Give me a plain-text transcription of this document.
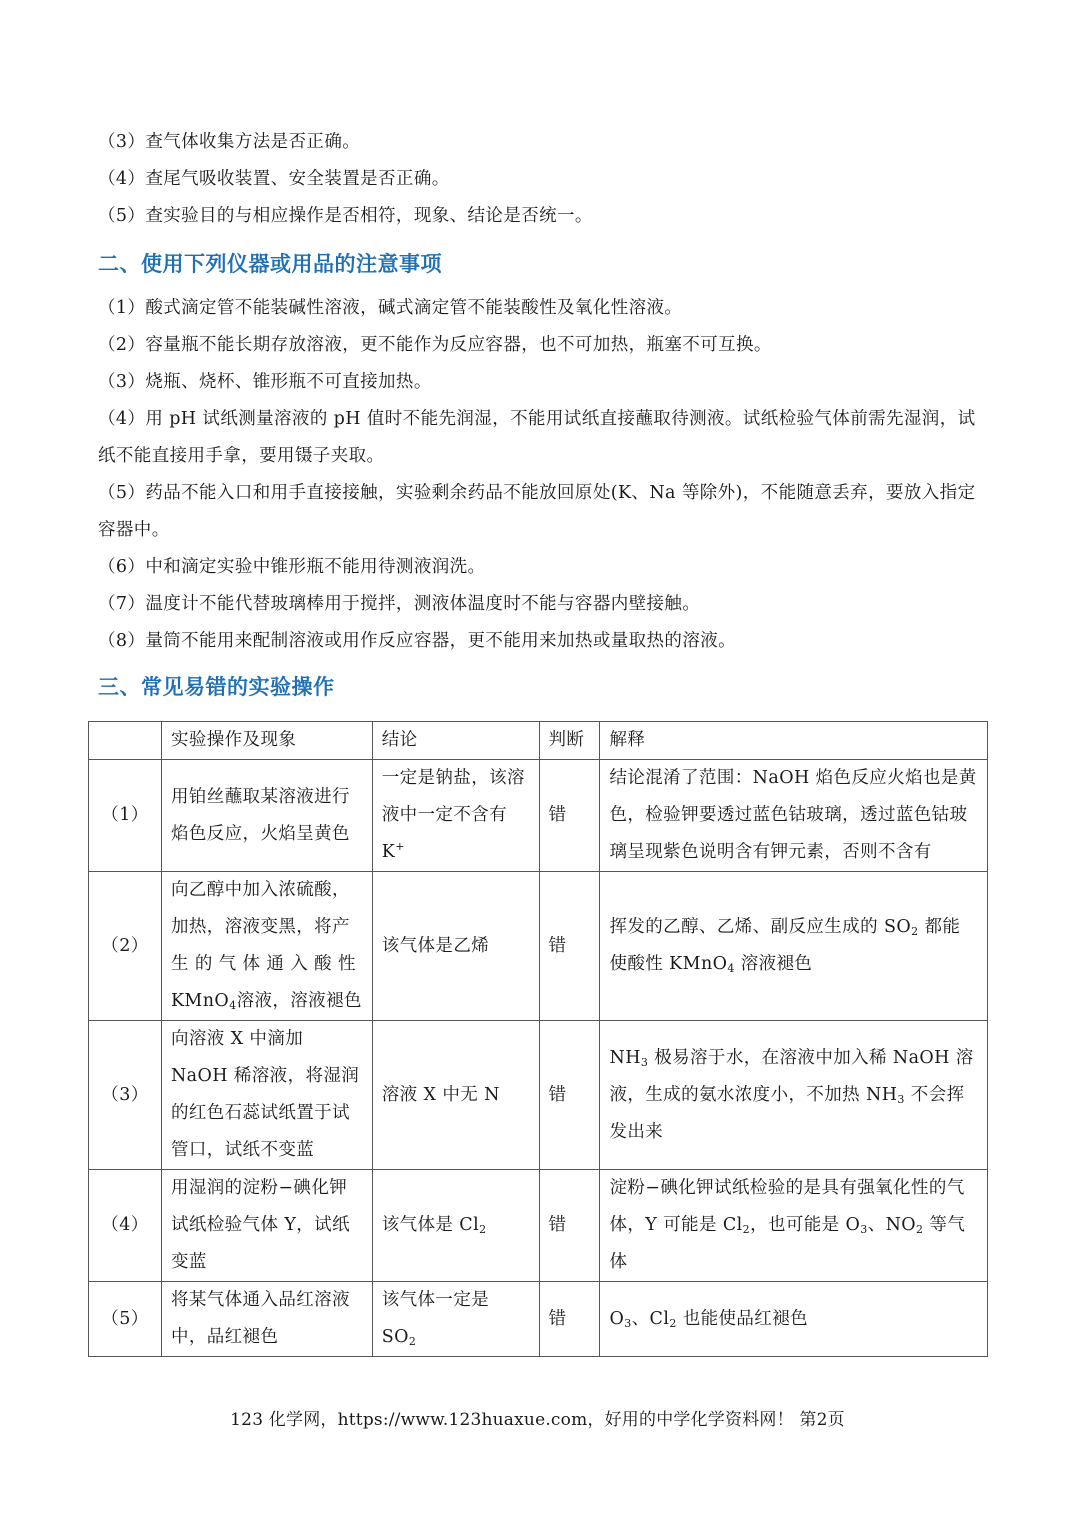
（3）查气体收集方法是否正确。
（4）查尾气吸收装置、安全装置是否正确。
（5）查实验目的与相应操作是否相符，现象、结论是否统一。
二、使用下列仪器或用品的注意事项
（1）酸式滴定管不能装碱性溶液，碱式滴定管不能装酸性及氧化性溶液。
（2）容量瓶不能长期存放溶液，更不能作为反应容器，也不可加热，瓶塞不可互换。
（3）烧瓶、烧杯、锥形瓶不可直接加热。
（4）用 pH 试纸测量溶液的 pH 值时不能先润湿，不能用试纸直接蘸取待测液。试纸检验气体前需先湿润，试纸不能直接用手拿，要用镊子夹取。
（5）药品不能入口和用手直接接触，实验剩余药品不能放回原处(K、Na 等除外)，不能随意丢弃，要放入指定容器中。
（6）中和滴定实验中锥形瓶不能用待测液润洗。
（7）温度计不能代替玻璃棒用于搅拌，测液体温度时不能与容器内壁接触。
（8）量筒不能用来配制溶液或用作反应容器，更不能用来加热或量取热的溶液。
三、常见易错的实验操作
	实验操作及现象	结论	判断	解释
（1）	用铂丝蘸取某溶液进行焰色反应，火焰呈黄色	一定是钠盐，该溶液中一定不含有 K+	错	结论混淆了范围：NaOH 焰色反应火焰也是黄色，检验钾要透过蓝色钴玻璃，透过蓝色钴玻璃呈现紫色说明含有钾元素，否则不含有
（2）	向乙醇中加入浓硫酸，加热，溶液变黑，将产生 的 气 体 通 入 酸 性 KMnO$_4$溶液，溶液褪色	该气体是乙烯	错	挥发的乙醇、乙烯、副反应生成的 $SO_2$ 都能使酸性 KMnO$_4$ 溶液褪色
（3）	向溶液 X 中滴加 NaOH 稀溶液，将湿润的红色石蕊试纸置于试管口，试纸不变蓝	溶液 X 中无 N	错	$NH_3$ 极易溶于水，在溶液中加入稀 NaOH 溶液，生成的氨水浓度小，不加热 $NH_3$ 不会挥发出来
（4）	用湿润的淀粉−碘化钾试纸检验气体 Y，试纸变蓝	该气体是 $Cl_2$	错	淀粉−碘化钾试纸检验的是具有强氧化性的气体，Y 可能是 $Cl_2$，也可能是 $O_3$、$NO_2$ 等气体
（5）	将某气体通入品红溶液中，品红褪色	该气体一定是 $SO_2$	错	$O_3$、$Cl_2$ 也能使品红褪色
123 化学网，https://www.123huaxue.com，好用的中学化学资料网！ 第2页
